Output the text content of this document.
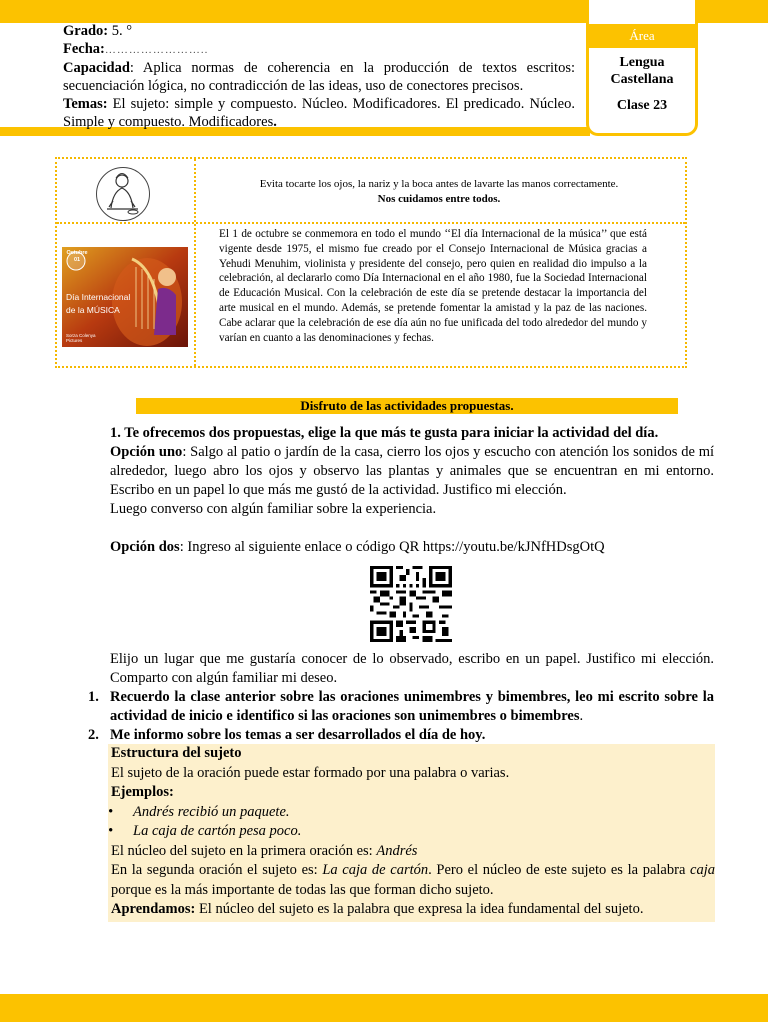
• •
Área
Lengua
Castellana
Clase 23

Grado: 5. °

Fecha:……………………..

Capacidad: Aplica normas de coherencia en la producción de textos escritos: secuenciación lógica, no contradicción de las ideas, uso de conectores precisos.

Temas: El sujeto: simple y compuesto. Núcleo. Modificadores. El predicado. Núcleo. Simple y compuesto. Modificadores.

Evita tocarte los ojos, la nariz y la boca antes de lavarte las manos correctamente.
Nos cuidamos entre todos.
Octubre 01
Día Internacional
de la MÚSICA
Sorza Colenya Pictures
El 1 de octubre se conmemora en todo el mundo ‘‘El día Internacional de la música’’ que está vigente desde 1975, el mismo fue creado por el Consejo Internacional de Música gracias a Yehudi Menuhim, violinista y presidente del consejo, pero quien en realidad dio impulso a la celebración, al declararlo como Día Internacional en el año 1980, fue la Sociedad Internacional de Educación Musical. Con la celebración de este día se pretende destacar la importancia del arte musical en el mundo. Además, se pretende fomentar la amistad y la paz de las naciones. Cabe aclarar que la celebración de ese día aún no fue unificada del todo alrededor del mundo y varían en cuanto a las denominaciones y fechas.
Disfruto de las actividades propuestas.

1. Te ofrecemos dos propuestas, elige la que más te gusta para iniciar la actividad del día.

Opción uno: Salgo al patio o jardín de la casa, cierro los ojos y escucho con atención los sonidos de mí alrededor, luego abro los ojos y observo las plantas y animales que se encuentran en mi entorno. Escribo en un papel lo que más me gustó de la actividad. Justifico mi elección.

Luego converso con algún familiar sobre la experiencia.

Opción dos: Ingreso al siguiente enlace o código QR https://youtu.be/kJNfHDsgOtQ

Elijo un lugar que me gustaría conocer de lo observado, escribo en un papel. Justifico mi elección. Comparto con algún familiar mi deseo.

1. Recuerdo la clase anterior sobre las oraciones unimembres y bimembres, leo mi escrito sobre la actividad de inicio e identifico si las oraciones son unimembres o bimembres.
2. Me informo sobre los temas a ser desarrollados el día de hoy.

Estructura del sujeto

El sujeto de la oración puede estar formado por una palabra o varias.

Ejemplos:

• Andrés recibió un paquete.

• La caja de cartón pesa poco.

El núcleo del sujeto en la primera oración es: Andrés

En la segunda oración el sujeto es: La caja de cartón. Pero el núcleo de este sujeto es la palabra caja porque es la más importante de todas las que forman dicho sujeto.

Aprendamos: El núcleo del sujeto es la palabra que expresa la idea fundamental del sujeto.
